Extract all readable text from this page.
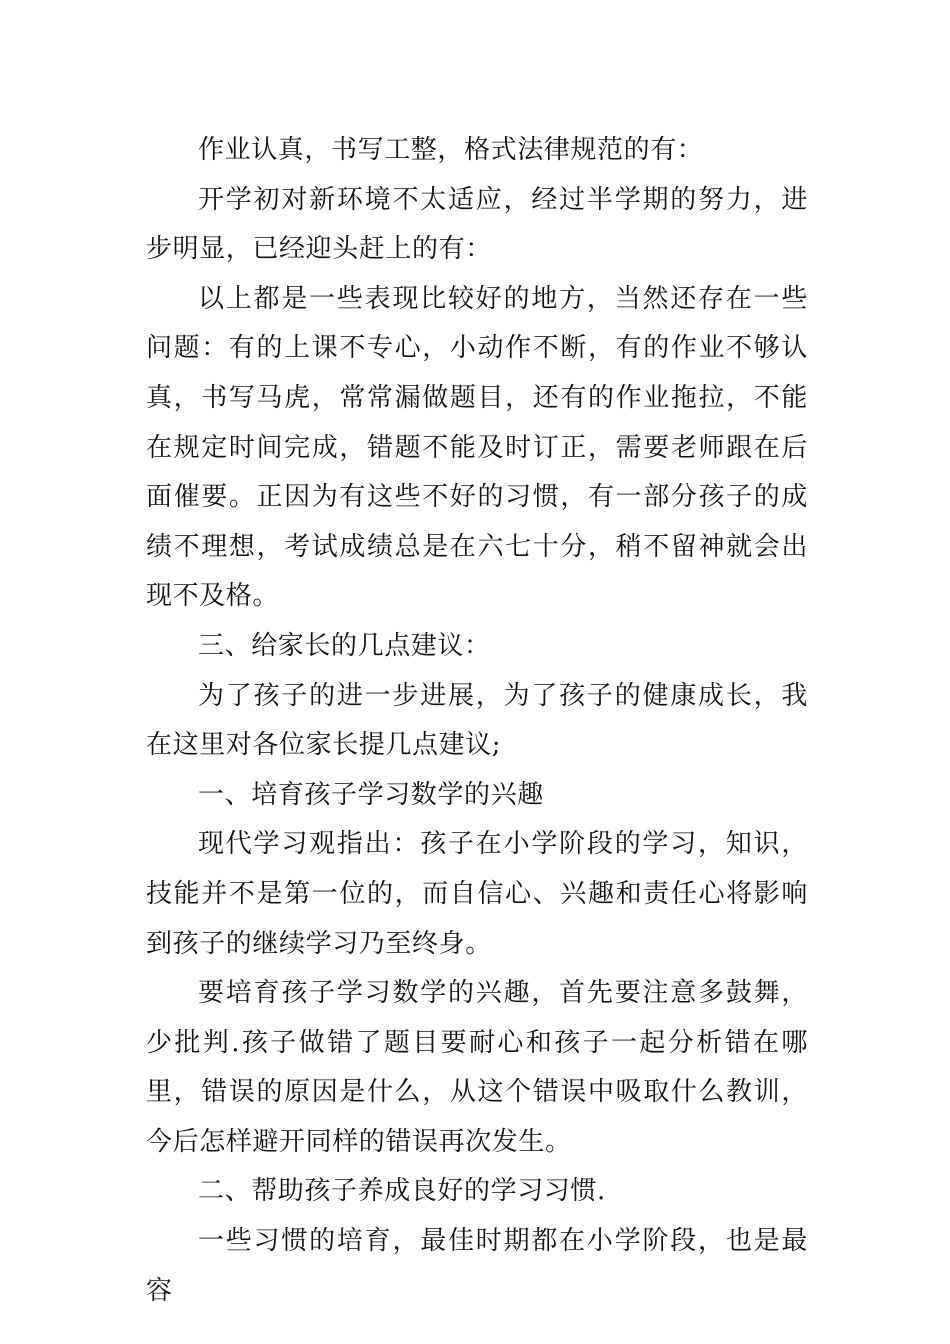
作业认真，书写工整，格式法律规范的有：

开学初对新环境不太适应，经过半学期的努力，进步明显，已经迎头赶上的有：

以上都是一些表现比较好的地方，当然还存在一些问题：有的上课不专心，小动作不断，有的作业不够认真，书写马虎，常常漏做题目，还有的作业拖拉，不能在规定时间完成，错题不能及时订正，需要老师跟在后面催要。正因为有这些不好的习惯，有一部分孩子的成绩不理想，考试成绩总是在六七十分，稍不留神就会出现不及格。

三、给家长的几点建议：

为了孩子的进一步进展，为了孩子的健康成长，我在这里对各位家长提几点建议;

一、培育孩子学习数学的兴趣

现代学习观指出：孩子在小学阶段的学习，知识，技能并不是第一位的，而自信心、兴趣和责任心将影响到孩子的继续学习乃至终身。

要培育孩子学习数学的兴趣，首先要注意多鼓舞，少批判.孩子做错了题目要耐心和孩子一起分析错在哪里，错误的原因是什么，从这个错误中吸取什么教训，今后怎样避开同样的错误再次发生。

二、帮助孩子养成良好的学习习惯.

一些习惯的培育，最佳时期都在小学阶段，也是最容
